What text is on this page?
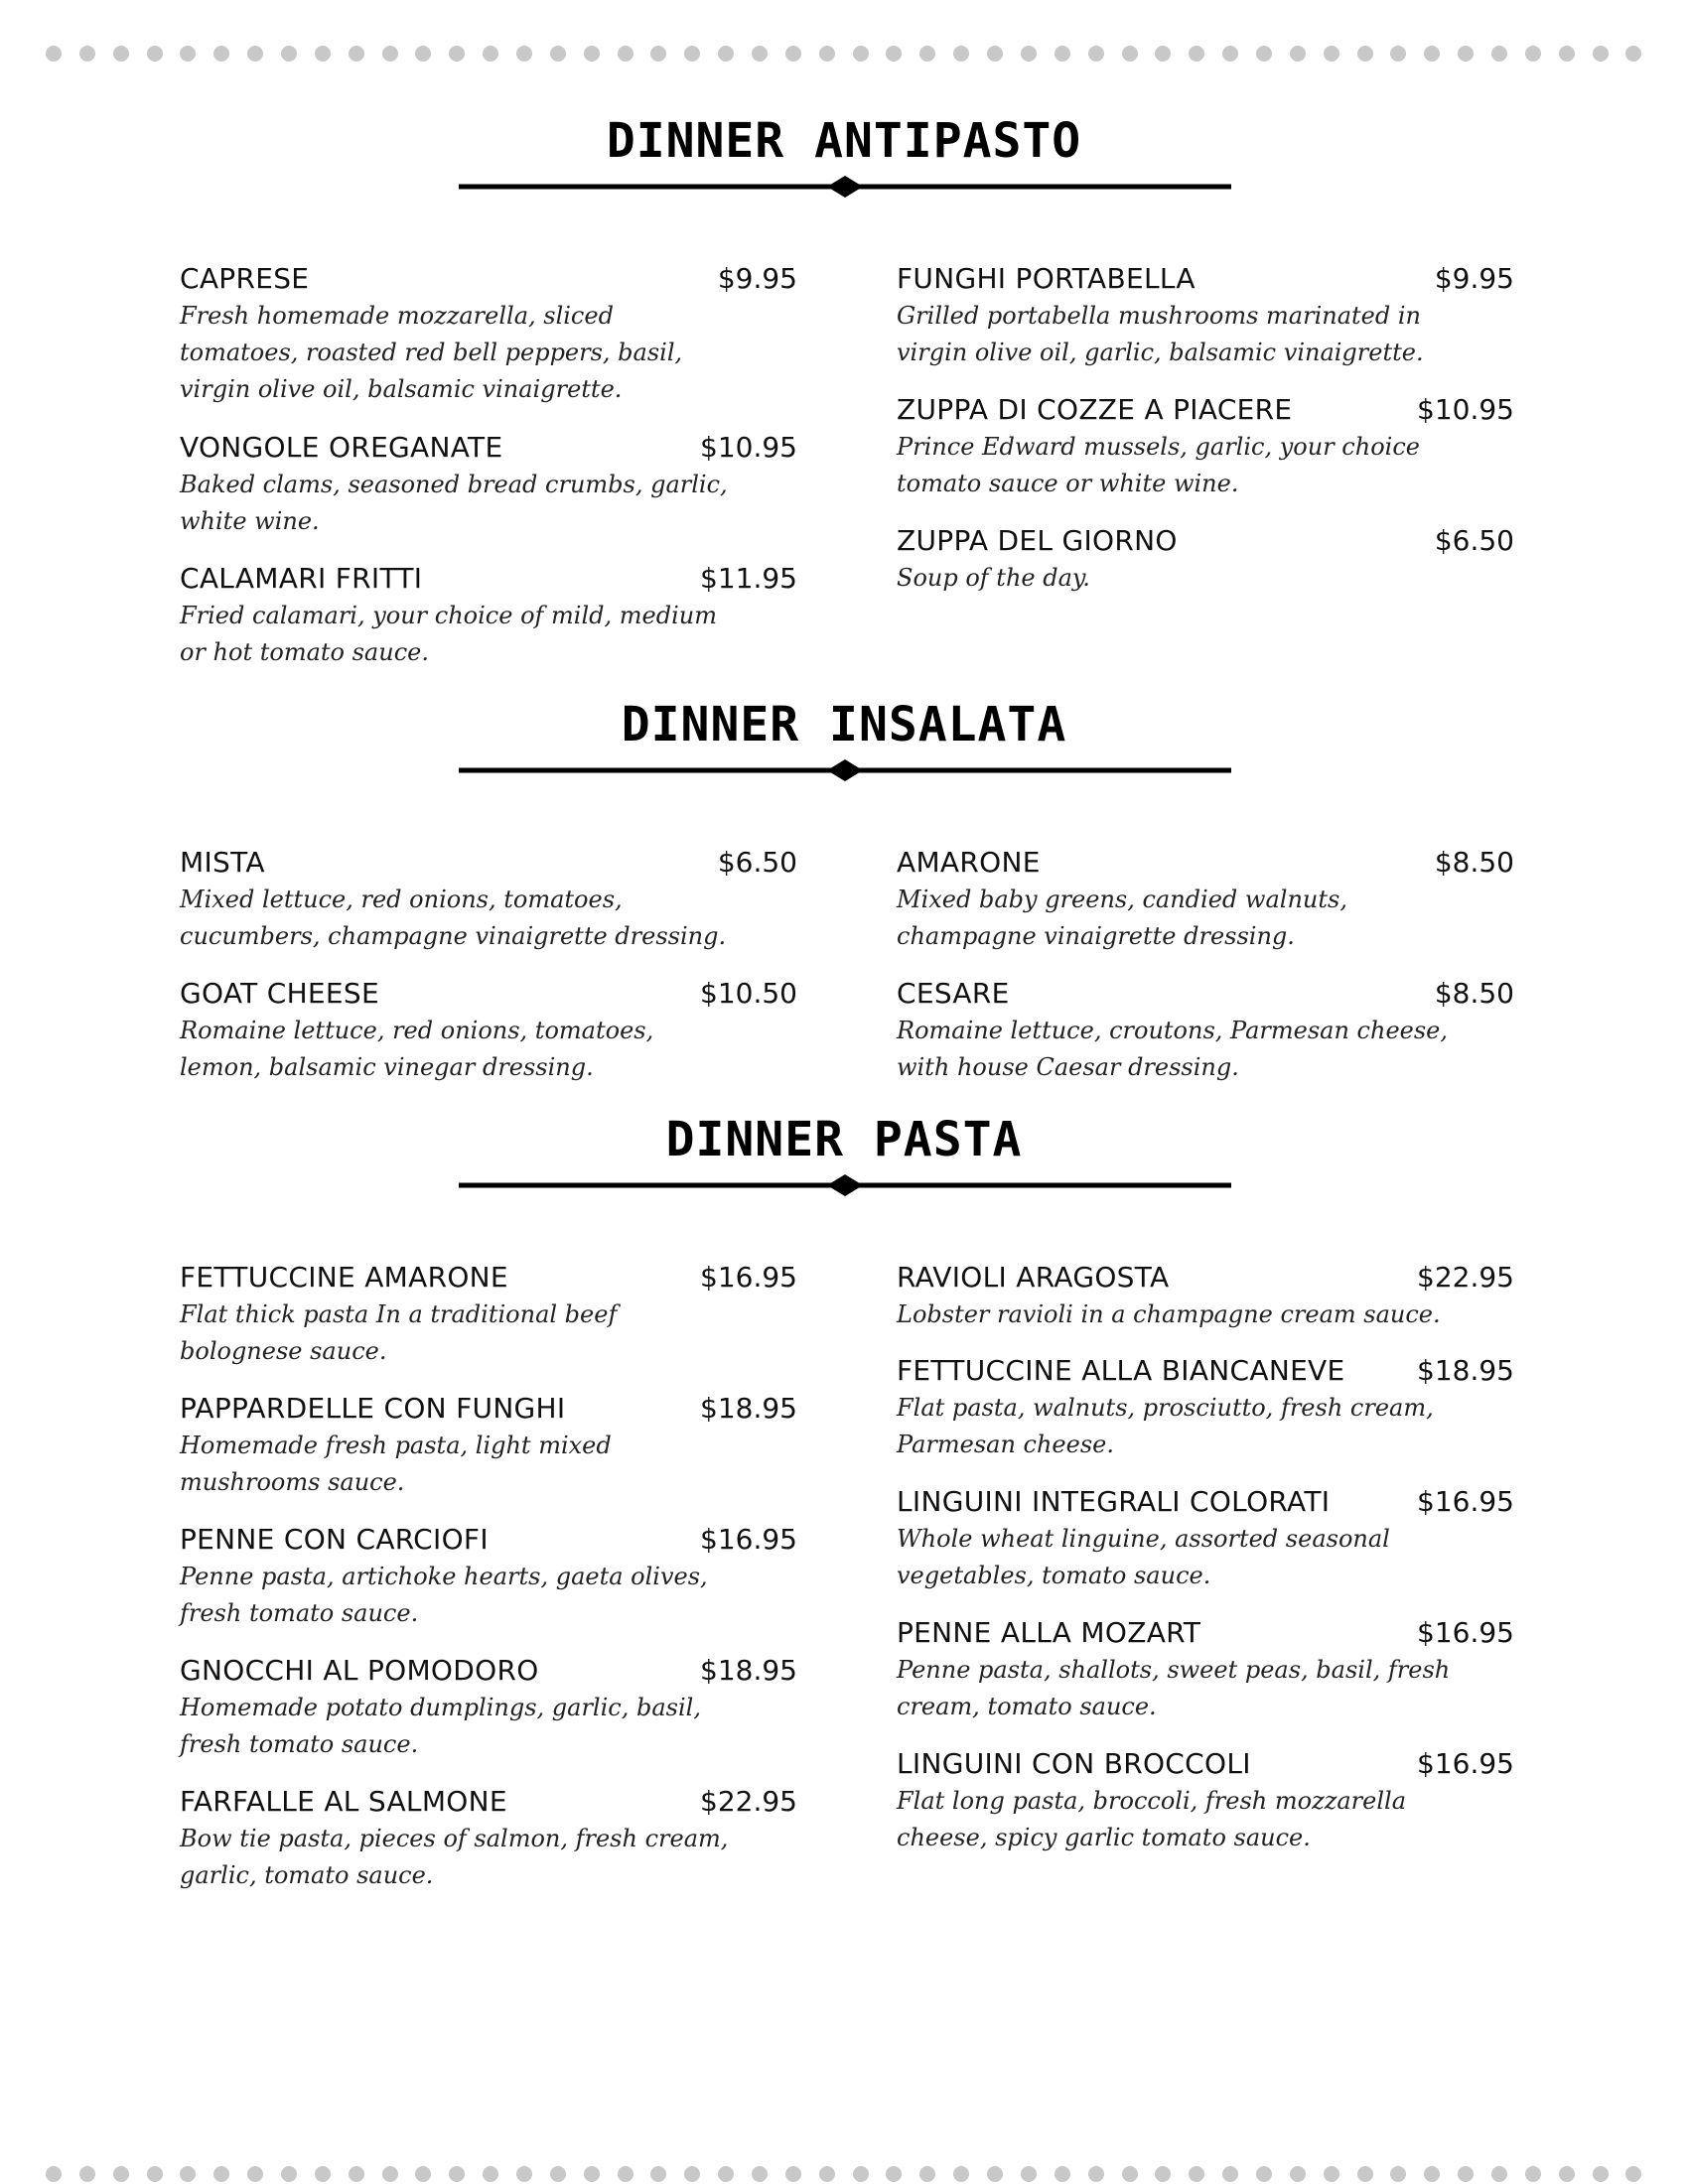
DINNER ANTIPASTO
CAPRESE	$9.95
Fresh homemade mozzarella, sliced tomatoes, roasted red bell peppers, basil, virgin olive oil, balsamic vinaigrette.
VONGOLE OREGANATE	$10.95
Baked clams, seasoned bread crumbs, garlic, white wine.
CALAMARI FRITTI	$11.95
Fried calamari, your choice of mild, medium or hot tomato sauce.
FUNGHI PORTABELLA	$9.95
Grilled portabella mushrooms marinated in virgin olive oil, garlic, balsamic vinaigrette.
ZUPPA DI COZZE A PIACERE	$10.95
Prince Edward mussels, garlic, your choice tomato sauce or white wine.
ZUPPA DEL GIORNO	$6.50
Soup of the day.
DINNER INSALATA
MISTA	$6.50
Mixed lettuce, red onions, tomatoes, cucumbers, champagne vinaigrette dressing.
GOAT CHEESE	$10.50
Romaine lettuce, red onions, tomatoes, lemon, balsamic vinegar dressing.
AMARONE	$8.50
Mixed baby greens, candied walnuts, champagne vinaigrette dressing.
CESARE	$8.50
Romaine lettuce, croutons, Parmesan cheese, with house Caesar dressing.
DINNER PASTA
FETTUCCINE AMARONE	$16.95
Flat thick pasta In a traditional beef bolognese sauce.
PAPPARDELLE CON FUNGHI	$18.95
Homemade fresh pasta, light mixed mushrooms sauce.
PENNE CON CARCIOFI	$16.95
Penne pasta, artichoke hearts, gaeta olives, fresh tomato sauce.
GNOCCHI AL POMODORO	$18.95
Homemade potato dumplings, garlic, basil, fresh tomato sauce.
FARFALLE AL SALMONE	$22.95
Bow tie pasta, pieces of salmon, fresh cream, garlic, tomato sauce.
RAVIOLI ARAGOSTA	$22.95
Lobster ravioli in a champagne cream sauce.
FETTUCCINE ALLA BIANCANEVE	$18.95
Flat pasta, walnuts, prosciutto, fresh cream, Parmesan cheese.
LINGUINI INTEGRALI COLORATI	$16.95
Whole wheat linguine, assorted seasonal vegetables, tomato sauce.
PENNE ALLA MOZART	$16.95
Penne pasta, shallots, sweet peas, basil, fresh cream, tomato sauce.
LINGUINI CON BROCCOLI	$16.95
Flat long pasta, broccoli, fresh mozzarella cheese, spicy garlic tomato sauce.
